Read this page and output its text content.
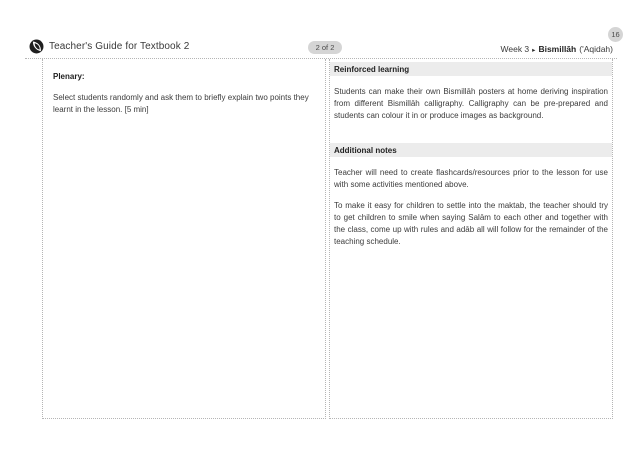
Teacher's Guide for Textbook 2	2 of 2
16
Week 3 ▸ Bismillāh ('Aqidah)
Plenary:
Select students randomly and ask them to briefly explain two points they learnt in the lesson. [5 min]
Reinforced learning
Students can make their own Bismillāh posters at home deriving inspiration from different Bismillāh calligraphy. Calligraphy can be pre-prepared and students can colour it in or produce images as background.
Additional notes
Teacher will need to create flashcards/resources prior to the lesson for use with some activities mentioned above.
To make it easy for children to settle into the maktab, the teacher should try to get children to smile when saying Salām to each other and together with the class, come up with rules and adāb all will follow for the remainder of the teaching schedule.
